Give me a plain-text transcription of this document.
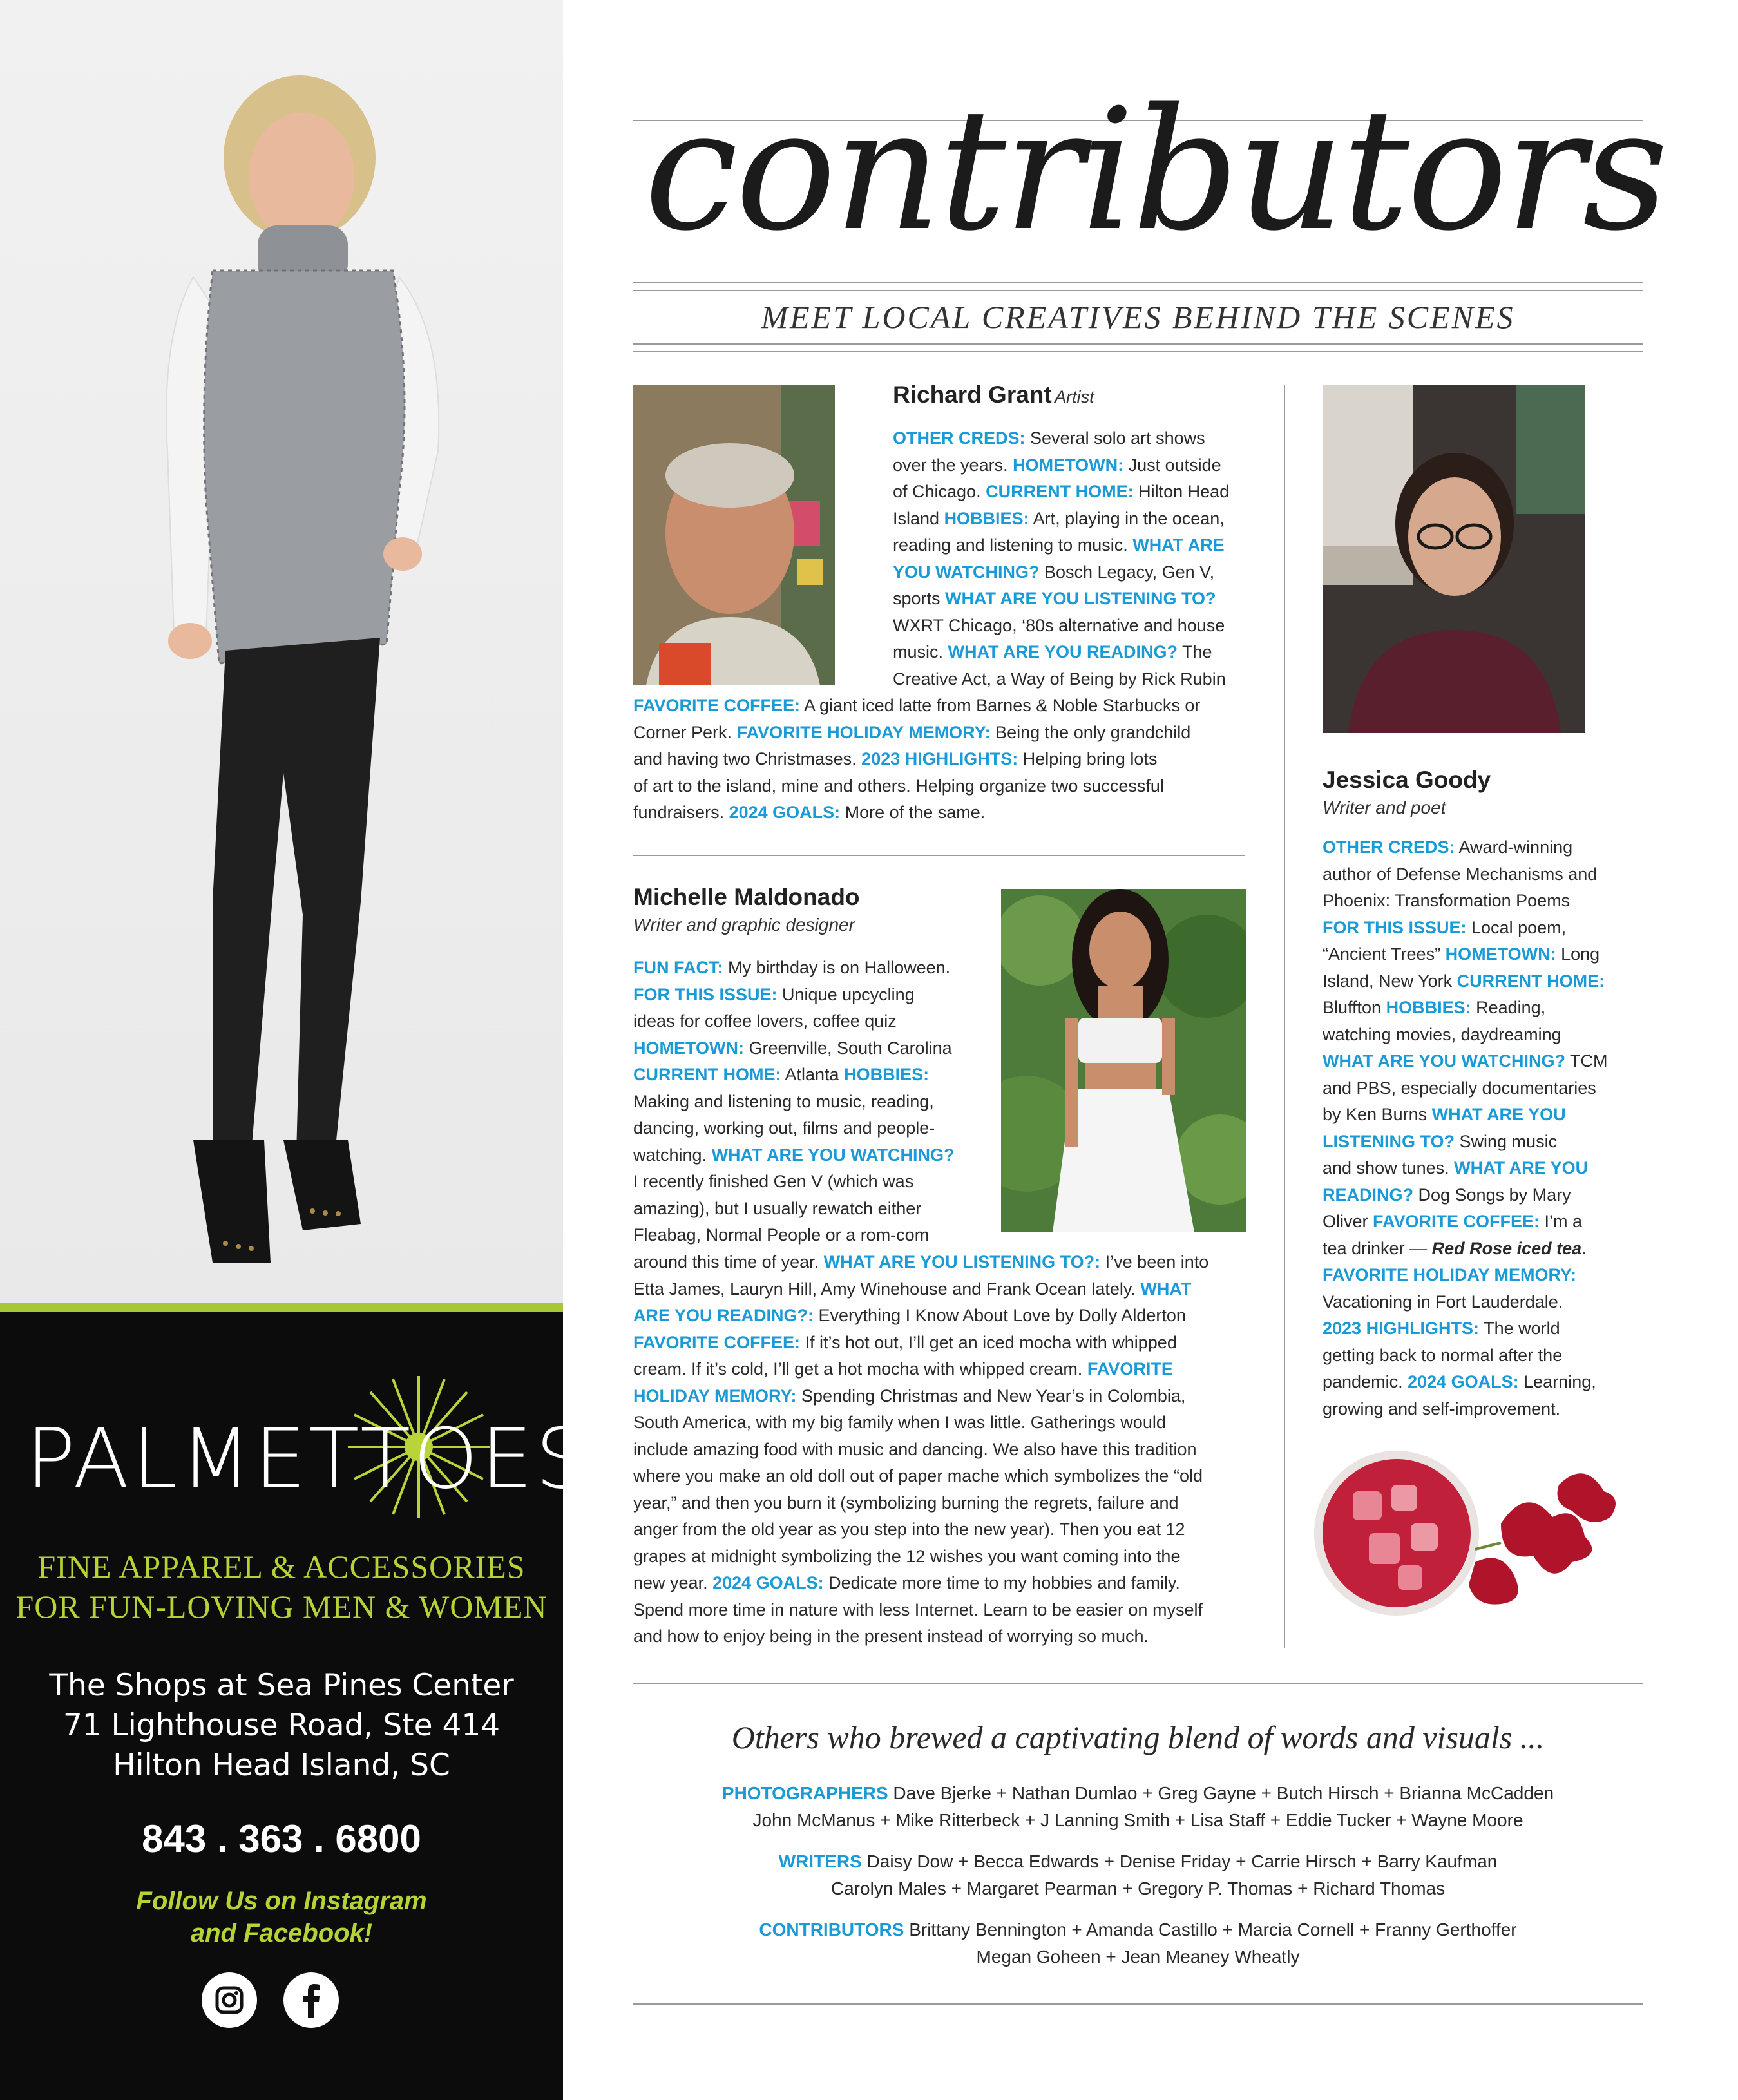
PALMETTOES
FINE APPAREL & ACCESSORIES
FOR FUN-LOVING MEN & WOMEN
The Shops at Sea Pines Center
71 Lighthouse Road, Ste 414
Hilton Head Island, SC
843 . 363 . 6800
Follow Us on Instagram
and Facebook!
contributors
MEET LOCAL CREATIVES BEHIND THE SCENES
Richard Grant Artist
OTHER CREDS: Several solo art shows
over the years. HOMETOWN: Just outside
of Chicago. CURRENT HOME: Hilton Head
Island HOBBIES: Art, playing in the ocean,
reading and listening to music. WHAT ARE
YOU WATCHING? Bosch Legacy, Gen V,
sports WHAT ARE YOU LISTENING TO?
WXRT Chicago, ‘80s alternative and house
music. WHAT ARE YOU READING? The
Creative Act, a Way of Being by Rick Rubin
FAVORITE COFFEE: A giant iced latte from Barnes & Noble Starbucks or
Corner Perk. FAVORITE HOLIDAY MEMORY: Being the only grandchild
and having two Christmases. 2023 HIGHLIGHTS: Helping bring lots
of art to the island, mine and others. Helping organize two successful
fundraisers. 2024 GOALS: More of the same.
Michelle Maldonado
Writer and graphic designer
FUN FACT: My birthday is on Halloween.
FOR THIS ISSUE: Unique upcycling
ideas for coffee lovers, coffee quiz
HOMETOWN: Greenville, South Carolina
CURRENT HOME: Atlanta HOBBIES:
Making and listening to music, reading,
dancing, working out, films and people-
watching. WHAT ARE YOU WATCHING?
I recently finished Gen V (which was
amazing), but I usually rewatch either
Fleabag, Normal People or a rom-com
around this time of year. WHAT ARE YOU LISTENING TO?: I’ve been into
Etta James, Lauryn Hill, Amy Winehouse and Frank Ocean lately. WHAT
ARE YOU READING?: Everything I Know About Love by Dolly Alderton
FAVORITE COFFEE: If it’s hot out, I’ll get an iced mocha with whipped
cream. If it’s cold, I’ll get a hot mocha with whipped cream. FAVORITE
HOLIDAY MEMORY: Spending Christmas and New Year’s in Colombia,
South America, with my big family when I was little. Gatherings would
include amazing food with music and dancing. We also have this tradition
where you make an old doll out of paper mache which symbolizes the “old
year,” and then you burn it (symbolizing burning the regrets, failure and
anger from the old year as you step into the new year). Then you eat 12
grapes at midnight symbolizing the 12 wishes you want coming into the
new year. 2024 GOALS: Dedicate more time to my hobbies and family.
Spend more time in nature with less Internet. Learn to be easier on myself
and how to enjoy being in the present instead of worrying so much.
Jessica Goody
Writer and poet
OTHER CREDS: Award-winning
author of Defense Mechanisms and
Phoenix: Transformation Poems
FOR THIS ISSUE: Local poem,
“Ancient Trees” HOMETOWN: Long
Island, New York CURRENT HOME:
Bluffton HOBBIES: Reading,
watching movies, daydreaming
WHAT ARE YOU WATCHING? TCM
and PBS, especially documentaries
by Ken Burns WHAT ARE YOU
LISTENING TO? Swing music
and show tunes. WHAT ARE YOU
READING? Dog Songs by Mary
Oliver FAVORITE COFFEE: I’m a
tea drinker — Red Rose iced tea.
FAVORITE HOLIDAY MEMORY:
Vacationing in Fort Lauderdale.
2023 HIGHLIGHTS: The world
getting back to normal after the
pandemic. 2024 GOALS: Learning,
growing and self-improvement.
Others who brewed a captivating blend of words and visuals ...
PHOTOGRAPHERS Dave Bjerke + Nathan Dumlao + Greg Gayne + Butch Hirsch + Brianna McCadden
John McManus + Mike Ritterbeck + J Lanning Smith + Lisa Staff + Eddie Tucker + Wayne Moore
WRITERS Daisy Dow + Becca Edwards + Denise Friday + Carrie Hirsch + Barry Kaufman
Carolyn Males + Margaret Pearman + Gregory P. Thomas + Richard Thomas
CONTRIBUTORS Brittany Bennington + Amanda Castillo + Marcia Cornell + Franny Gerthoffer
Megan Goheen + Jean Meaney Wheatly
